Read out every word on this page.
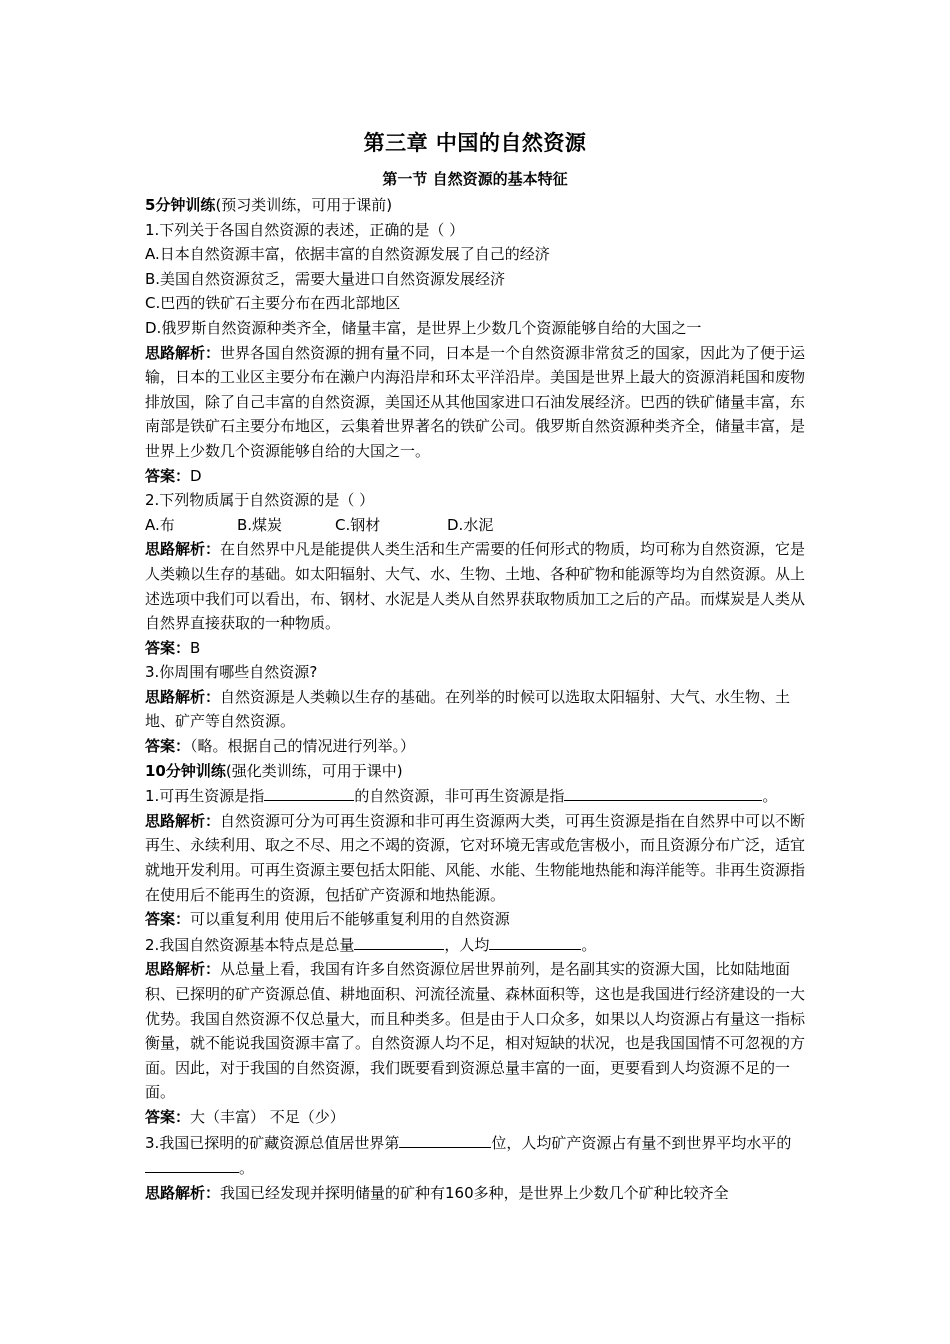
第三章 中国的自然资源
第一节 自然资源的基本特征

5分钟训练(预习类训练，可用于课前)

1.下列关于各国自然资源的表述，正确的是（ ）

A.日本自然资源丰富，依据丰富的自然资源发展了自己的经济

B.美国自然资源贫乏，需要大量进口自然资源发展经济

C.巴西的铁矿石主要分布在西北部地区

D.俄罗斯自然资源种类齐全，储量丰富，是世界上少数几个资源能够自给的大国之一

思路解析：世界各国自然资源的拥有量不同，日本是一个自然资源非常贫乏的国家，因此为了便于运输，日本的工业区主要分布在濑户内海沿岸和环太平洋沿岸。美国是世界上最大的资源消耗国和废物排放国，除了自己丰富的自然资源，美国还从其他国家进口石油发展经济。巴西的铁矿储量丰富，东南部是铁矿石主要分布地区，云集着世界著名的铁矿公司。俄罗斯自然资源种类齐全，储量丰富，是世界上少数几个资源能够自给的大国之一。

答案：D

2.下列物质属于自然资源的是（ ）

A.布	B.煤炭	C.钢材	D.水泥

思路解析：在自然界中凡是能提供人类生活和生产需要的任何形式的物质，均可称为自然资源，它是人类赖以生存的基础。如太阳辐射、大气、水、生物、土地、各种矿物和能源等均为自然资源。从上述选项中我们可以看出，布、钢材、水泥是人类从自然界获取物质加工之后的产品。而煤炭是人类从自然界直接获取的一种物质。

答案：B

3.你周围有哪些自然资源?

思路解析：自然资源是人类赖以生存的基础。在列举的时候可以选取太阳辐射、大气、水生物、土地、矿产等自然资源。

答案：（略。根据自己的情况进行列举。）

10分钟训练(强化类训练，可用于课中)

1.可再生资源是指	的自然资源，非可再生资源是指	。

思路解析：自然资源可分为可再生资源和非可再生资源两大类，可再生资源是指在自然界中可以不断再生、永续利用、取之不尽、用之不竭的资源，它对环境无害或危害极小，而且资源分布广泛，适宜就地开发利用。可再生资源主要包括太阳能、风能、水能、生物能地热能和海洋能等。非再生资源指在使用后不能再生的资源，包括矿产资源和地热能源。

答案：可以重复利用 使用后不能够重复利用的自然资源

2.我国自然资源基本特点是总量	，人均	。

思路解析：从总量上看，我国有许多自然资源位居世界前列，是名副其实的资源大国，比如陆地面积、已探明的矿产资源总值、耕地面积、河流径流量、森林面积等，这也是我国进行经济建设的一大优势。我国自然资源不仅总量大，而且种类多。但是由于人口众多，如果以人均资源占有量这一指标衡量，就不能说我国资源丰富了。自然资源人均不足，相对短缺的状况，也是我国国情不可忽视的方面。因此，对于我国的自然资源，我们既要看到资源总量丰富的一面，更要看到人均资源不足的一面。

答案：大（丰富） 不足（少）

3.我国已探明的矿藏资源总值居世界第	位，人均矿产资源占有量不到世界平均水平的。

思路解析：我国已经发现并探明储量的矿种有160多种，是世界上少数几个矿种比较齐全
